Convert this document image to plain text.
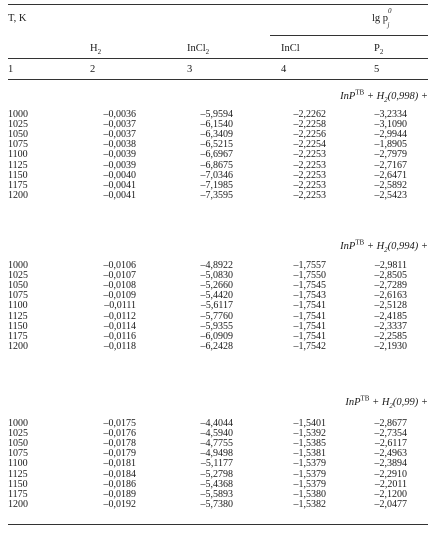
T, K	$\lg p^0_j$
$H_2$	InCl$_2$	InCl	$P_2$
1	2	3	4	5
$InP^{ТВ} + H_2(0,998)$ +
1000	–0,0036	–5,9594	–2,2262	–3,2334
1025	–0,0037	–6,1540	–2,2258	–3,1090
1050	–0,0037	–6,3409	–2,2256	–2,9944
1075	–0,0038	–6,5215	–2,2254	–1,8905
1100	–0,0039	–6,6967	–2,2253	–2,7979
1125	–0,0039	–6,8675	–2,2253	–2,7167
1150	–0,0040	–7,0346	–2,2253	–2,6471
1175	–0,0041	–7,1985	–2,2253	–2,5892
1200	–0,0041	–7,3595	–2,2253	–2,5423
$InP^{ТВ} + H_2(0,994)$ +
1000	–0,0106	–4,8922	–1,7557	–2,9811
1025	–0,0107	–5,0830	–1,7550	–2,8505
1050	–0,0108	–5,2660	–1,7545	–2,7289
1075	–0,0109	–5,4420	–1,7543	–2,6163
1100	–0,0111	–5,6117	–1,7541	–2,5128
1125	–0,0112	–5,7760	–1,7541	–2,4185
1150	–0,0114	–5,9355	–1,7541	–2,3337
1175	–0,0116	–6,0909	–1,7541	–2,2585
1200	–0,0118	–6,2428	–1,7542	–2,1930
$InP^{ТВ} + H_2(0,99)$ +
1000	–0,0175	–4,4044	–1,5401	–2,8677
1025	–0,0176	–4,5940	–1,5392	–2,7354
1050	–0,0178	–4,7755	–1,5385	–2,6117
1075	–0,0179	–4,9498	–1,5381	–2,4963
1100	–0,0181	–5,1177	–1,5379	–2,3894
1125	–0,0184	–5,2798	–1,5379	–2,2910
1150	–0,0186	–5,4368	–1,5379	–2,2011
1175	–0,0189	–5,5893	–1,5380	–2,1200
1200	–0,0192	–5,7380	–1,5382	–2,0477
